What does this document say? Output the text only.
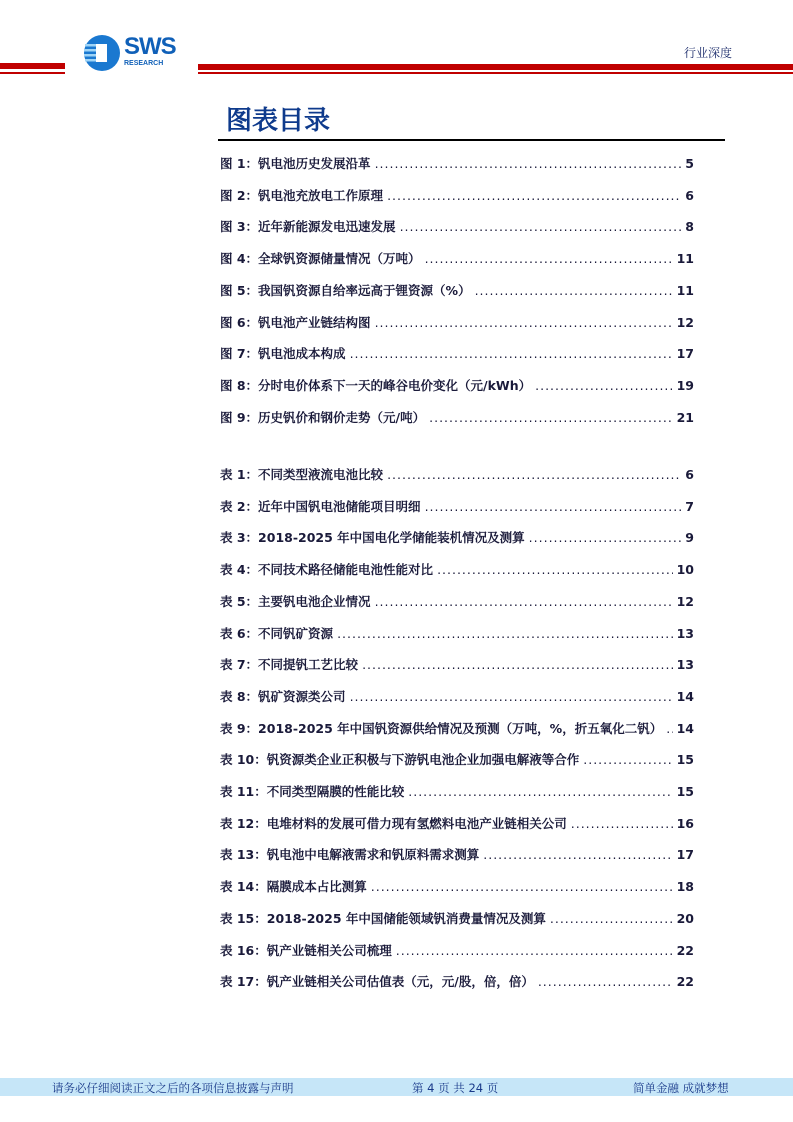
SWS
RESEARCH
行业深度
图表目录
图 1：钒电池历史发展沿革 .....	5
图 2：钒电池充放电工作原理 .....	6
图 3：近年新能源发电迅速发展 .....	8
图 4：全球钒资源储量情况（万吨） .....	11
图 5：我国钒资源自给率远高于锂资源（%） .....	11
图 6：钒电池产业链结构图 .....	12
图 7：钒电池成本构成 .....	17
图 8：分时电价体系下一天的峰谷电价变化（元/kWh） .....	19
图 9：历史钒价和钢价走势（元/吨） .....	21
表 1：不同类型液流电池比较 .....	6
表 2：近年中国钒电池储能项目明细 .....	7
表 3：2018-2025 年中国电化学储能装机情况及测算 .....	9
表 4：不同技术路径储能电池性能对比 .....	10
表 5：主要钒电池企业情况 .....	12
表 6：不同钒矿资源 .....	13
表 7：不同提钒工艺比较 .....	13
表 8：钒矿资源类公司 .....	14
表 9：2018-2025 年中国钒资源供给情况及预测（万吨，%，折五氧化二钒） ..... 14
表 10：钒资源类企业正积极与下游钒电池企业加强电解液等合作 .....	15
表 11：不同类型隔膜的性能比较 .....	15
表 12：电堆材料的发展可借力现有氢燃料电池产业链相关公司 .....	16
表 13：钒电池中电解液需求和钒原料需求测算 .....	17
表 14：隔膜成本占比测算 .....	18
表 15：2018-2025 年中国储能领域钒消费量情况及测算 .....	20
表 16：钒产业链相关公司梳理 .....	22
表 17：钒产业链相关公司估值表（元，元/股，倍，倍） .....	22
请务必仔细阅读正文之后的各项信息披露与声明	第 4 页 共 24 页	简单金融 成就梦想
